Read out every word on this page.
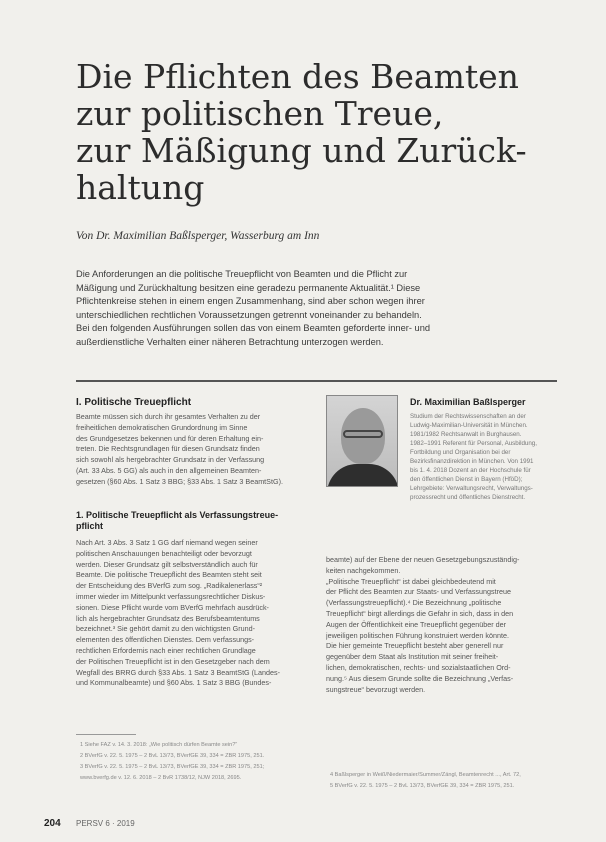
Die Pflichten des Beamten
zur politischen Treue,
zur Mäßigung und Zurück-
haltung
Von Dr. Maximilian Baßlsperger, Wasserburg am Inn
Die Anforderungen an die politische Treuepflicht von Beamten und die Pflicht zur
Mäßigung und Zurückhaltung besitzen eine geradezu permanente Aktualität.¹ Diese
Pflichtenkreise stehen in einem engen Zusammenhang, sind aber schon wegen ihrer
unterschiedlichen rechtlichen Voraussetzungen getrennt voneinander zu behandeln.
Bei den folgenden Ausführungen sollen das von einem Beamten geforderte inner- und
außerdienstliche Verhalten einer näheren Betrachtung unterzogen werden.
I. Politische Treuepflicht
Beamte müssen sich durch ihr gesamtes Verhalten zu der
freiheitlichen demokratischen Grundordnung im Sinne
des Grundgesetzes bekennen und für deren Erhaltung ein-
treten. Die Rechtsgrundlagen für diesen Grundsatz finden
sich sowohl als hergebrachter Grundsatz in der Verfassung
(Art. 33 Abs. 5 GG) als auch in den allgemeinen Beamten-
gesetzen (§60 Abs. 1 Satz 3 BBG; §33 Abs. 1 Satz 3 BeamtStG).
1. Politische Treuepflicht als Verfassungstreue-
pflicht
Nach Art. 3 Abs. 3 Satz 1 GG darf niemand wegen seiner
politischen Anschauungen benachteiligt oder bevorzugt
werden. Dieser Grundsatz gilt selbstverständlich auch für
Beamte. Die politische Treuepflicht des Beamten steht seit
der Entscheidung des BVerfG zum sog. „Radikalenerlass“²
immer wieder im Mittelpunkt verfassungsrechtlicher Diskus-
sionen. Diese Pflicht wurde vom BVerfG mehrfach ausdrück-
lich als hergebrachter Grundsatz des Berufsbeamtentums
bezeichnet.³ Sie gehört damit zu den wichtigsten Grund-
elementen des öffentlichen Dienstes. Dem verfassungs-
rechtlichen Erfordernis nach einer rechtlichen Grundlage
der Politischen Treuepflicht ist in den Gesetzgeber nach dem
Wegfall des BRRG durch §33 Abs. 1 Satz 3 BeamtStG (Landes-
und Kommunalbeamte) und §60 Abs. 1 Satz 3 BBG (Bundes-
Dr. Maximilian Baßlsperger
Studium der Rechtswissenschaften an der
Ludwig-Maximilian-Universität in München.
1981/1982 Rechtsanwalt in Burghausen.
1982–1991 Referent für Personal, Ausbildung,
Fortbildung und Organisation bei der
Bezirksfinanzdirektion in München. Von 1991
bis 1. 4. 2018 Dozent an der Hochschule für
den öffentlichen Dienst in Bayern (HföD);
Lehrgebiete: Verwaltungsrecht, Verwaltungs-
prozessrecht und öffentliches Dienstrecht.
beamte) auf der Ebene der neuen Gesetzgebungszuständig-
keiten nachgekommen.
„Politische Treuepflicht“ ist dabei gleichbedeutend mit
der Pflicht des Beamten zur Staats- und Verfassungstreue
(Verfassungstreuepflicht).⁴ Die Bezeichnung „politische
Treuepflicht“ birgt allerdings die Gefahr in sich, dass in den
Augen der Öffentlichkeit eine Treuepflicht gegenüber der
jeweiligen politischen Führung konstruiert werden könnte.
Die hier gemeinte Treuepflicht besteht aber generell nur
gegenüber dem Staat als Institution mit seiner freiheit-
lichen, demokratischen, rechts- und sozialstaatlichen Ord-
nung.⁵ Aus diesem Grunde sollte die Bezeichnung „Verfas-
sungstreue“ bevorzugt werden.
1 Siehe FAZ v. 14. 3. 2018: „Wie politisch dürfen Beamte sein?“
2 BVerfG v. 22. 5. 1975 – 2 BvL 13/73, BVerfGE 39, 334 = ZBR 1975, 251.
3 BVerfG v. 22. 5. 1975 – 2 BvL 13/73, BVerfGE 39, 334 = ZBR 1975, 251;
www.bverfg.de v. 12. 6. 2018 – 2 BvR 1738/12, NJW 2018, 2695.	4 Baßlsperger in Weiß/Niedermaier/Summer/Zängl, Beamtenrecht ..., Art. 72,
5 BVerfG v. 22. 5. 1975 – 2 BvL 13/73, BVerfGE 39, 334 = ZBR 1975, 251.
204 PERSV 6 · 2019
